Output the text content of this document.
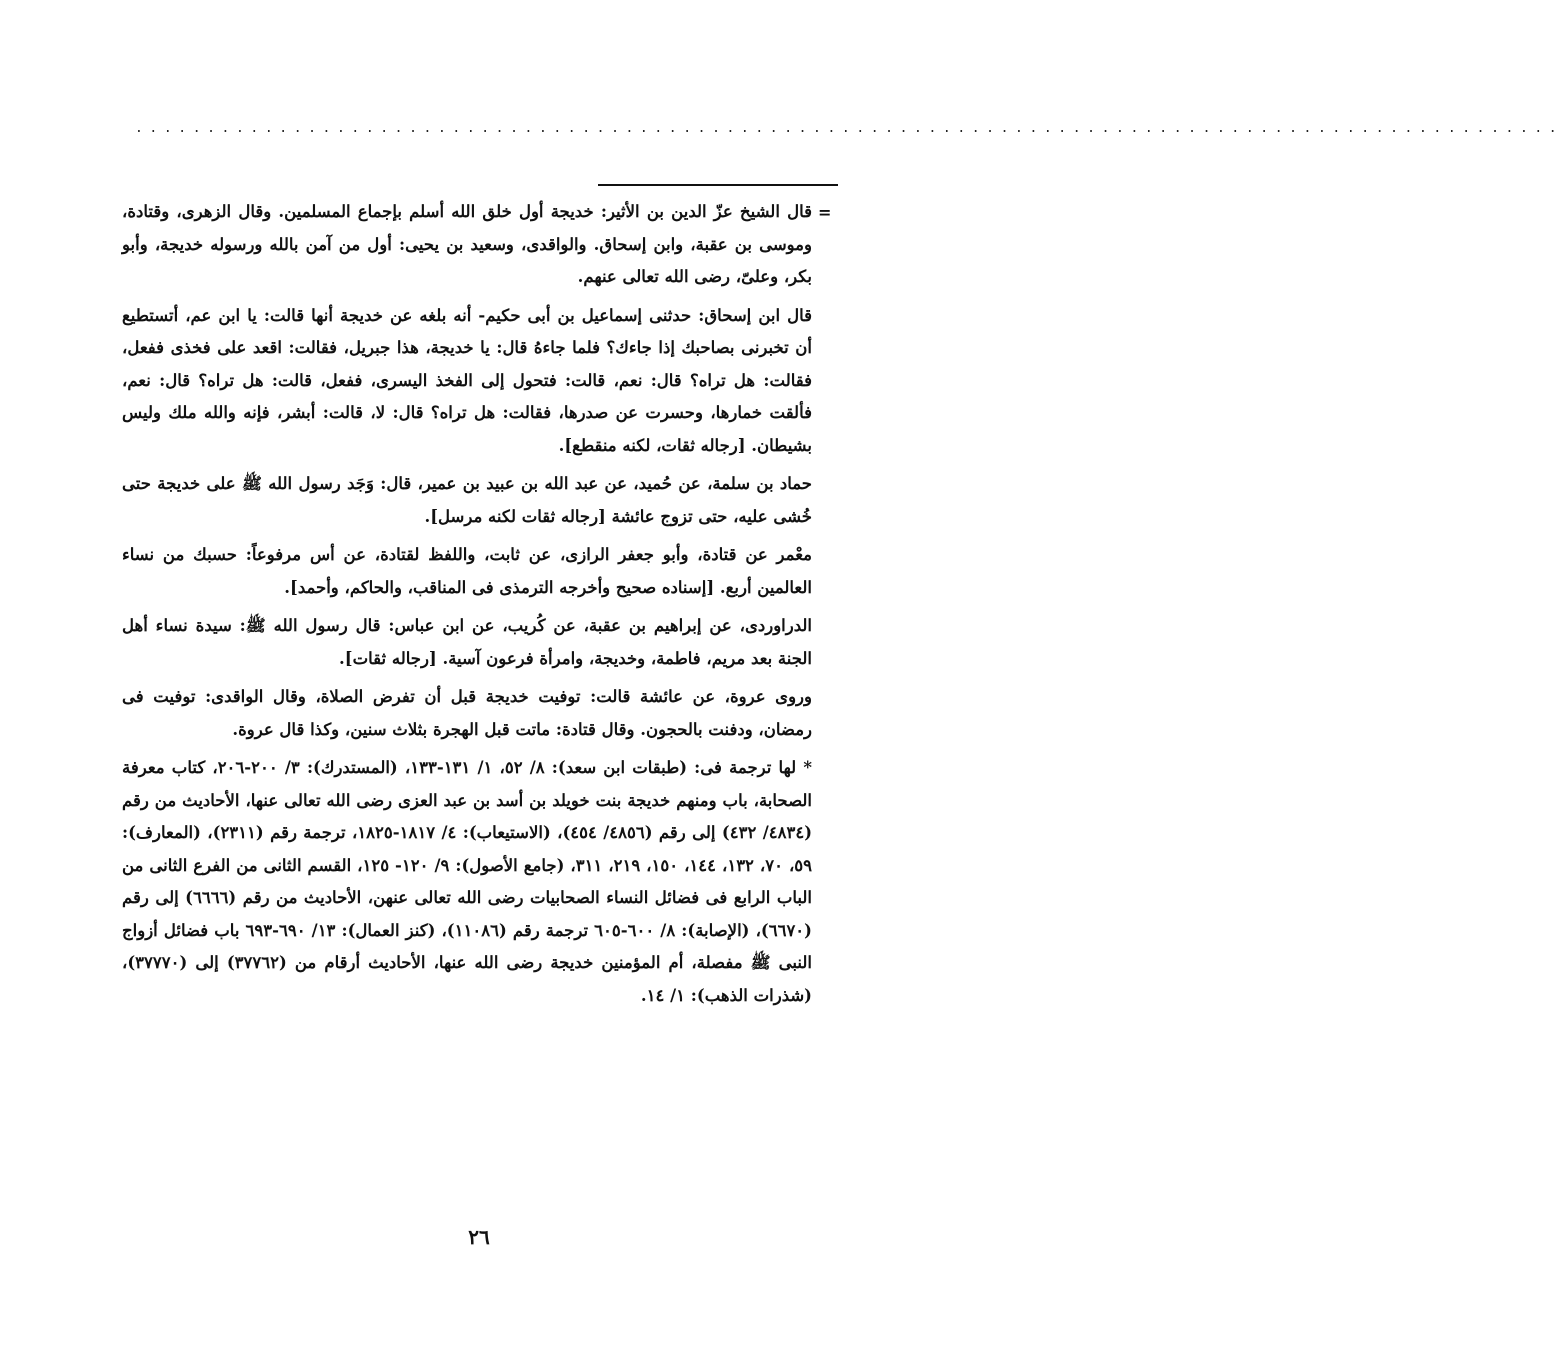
...................................................................................................
=

قال الشيخ عزّ الدين بن الأثير: خديجة أول خلق الله أسلم بإجماع المسلمين. وقال الزهرى، وقتادة، وموسى بن عقبة، وابن إسحاق. والواقدى، وسعيد بن يحيى: أول من آمن بالله ورسوله خديجة، وأبو بكر، وعلىّ، رضى الله تعالى عنهم.

قال ابن إسحاق: حدثنى إسماعيل بن أبى حكيم- أنه بلغه عن خديجة أنها قالت: يا ابن عم، أتستطيع أن تخبرنى بصاحبك إذا جاءك؟ فلما جاءهُ قال: يا خديجة، هذا جبريل، فقالت: اقعد على فخذى ففعل، فقالت: هل تراه؟ قال: نعم، قالت: فتحول إلى الفخذ اليسرى، ففعل، قالت: هل تراه؟ قال: نعم، فألقت خمارها، وحسرت عن صدرها، فقالت: هل تراه؟ قال: لا، قالت: أبشر، فإنه والله ملك وليس بشيطان. [رجاله ثقات، لكنه منقطع].

حماد بن سلمة، عن حُميد، عن عبد الله بن عبيد بن عمير، قال: وَجَد رسول الله ﷺ على خديجة حتى خُشى عليه، حتى تزوج عائشة [رجاله ثقات لكنه مرسل].

معْمر عن قتادة، وأبو جعفر الرازى، عن ثابت، واللفظ لقتادة، عن أس مرفوعاً: حسبك من نساء العالمين أربع. [إسناده صحيح وأخرجه الترمذى فى المناقب، والحاكم، وأحمد].

الدراوردى، عن إبراهيم بن عقبة، عن كُريب، عن ابن عباس: قال رسول الله ﷺ: سيدة نساء أهل الجنة بعد مريم، فاطمة، وخديجة، وامرأة فرعون آسية. [رجاله ثقات].

وروى عروة، عن عائشة قالت: توفيت خديجة قبل أن تفرض الصلاة، وقال الواقدى: توفيت فى رمضان، ودفنت بالحجون. وقال قتادة: ماتت قبل الهجرة بثلاث سنين، وكذا قال عروة.

* لها ترجمة فى: (طبقات ابن سعد): ٨/ ٥٢، ١/ ١٣١-١٣٣، (المستدرك): ٣/ ٢٠٠-٢٠٦، كتاب معرفة الصحابة، باب ومنهم خديجة بنت خويلد بن أسد بن عبد العزى رضى الله تعالى عنها، الأحاديث من رقم (٤٨٣٤/ ٤٣٢) إلى رقم (٤٨٥٦/ ٤٥٤)، (الاستيعاب): ٤/ ١٨١٧-١٨٢٥، ترجمة رقم (٢٣١١)، (المعارف): ٥٩، ٧٠، ١٣٢، ١٤٤، ١٥٠، ٢١٩، ٣١١، (جامع الأصول): ٩/ ١٢٠- ١٢٥، القسم الثانى من الفرع الثانى من الباب الرابع فى فضائل النساء الصحابيات رضى الله تعالى عنهن، الأحاديث من رقم (٦٦٦٦) إلى رقم (٦٦٧٠)، (الإصابة): ٨/ ٦٠٠-٦٠٥ ترجمة رقم (١١٠٨٦)، (كنز العمال): ١٣/ ٦٩٠-٦٩٣ باب فضائل أزواج النبى ﷺ مفصلة، أم المؤمنين خديجة رضى الله عنها، الأحاديث أرقام من (٣٧٧٦٢) إلى (٣٧٧٧٠)، (شذرات الذهب): ١/ ١٤.

٢٦
